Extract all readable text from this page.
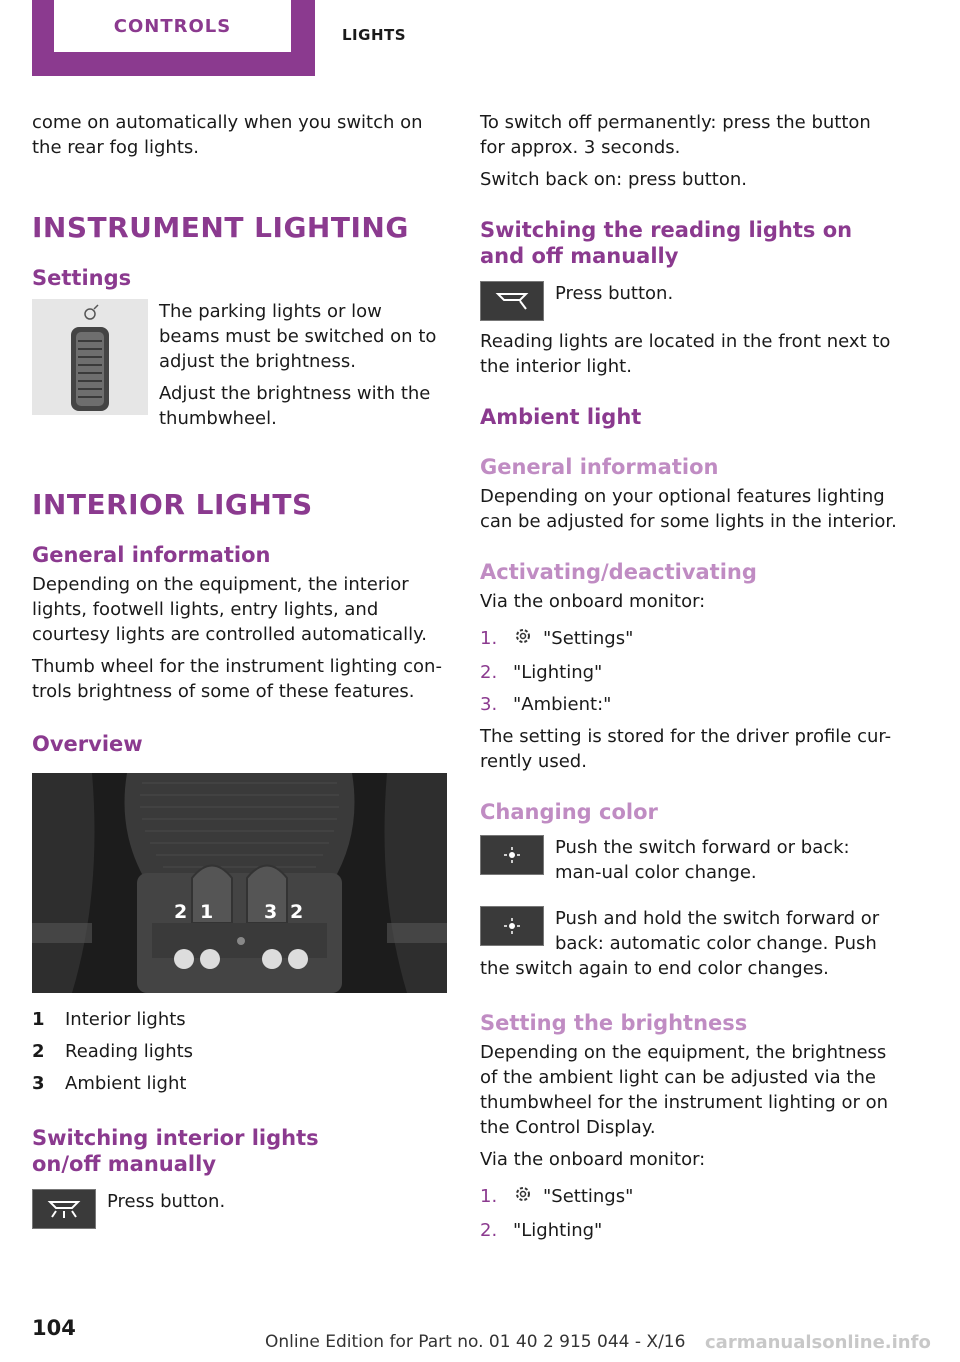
CONTROLS	LIGHTS

come on automatically when you switch on the rear fog lights.

INSTRUMENT LIGHTING
Settings

The parking lights or low beams must be switched on to adjust the brightness.

Adjust the brightness with the thumbwheel.

INTERIOR LIGHTS
General information

Depending on the equipment, the interior lights, footwell lights, entry lights, and courtesy lights are controlled automatically.

Thumb wheel for the instrument lighting con-trols brightness of some of these features.

Overview
2 1	3 2
1	Interior lights
2	Reading lights
3	Ambient light
Switching interior lights on/off manually

Press button.

To switch off permanently: press the button for approx. 3 seconds.

Switch back on: press button.

Switching the reading lights on and off manually

Press button.

Reading lights are located in the front next to the interior light.

Ambient light
General information

Depending on your optional features lighting can be adjusted for some lights in the interior.

Activating/deactivating

Via the onboard monitor:

1.	"Settings"
2. "Lighting"
3. "Ambient:"

The setting is stored for the driver profile cur-rently used.

Changing color

Push the switch forward or back: man-ual color change.

Push and hold the switch forward or back: automatic color change. Push

the switch again to end color changes.

Setting the brightness

Depending on the equipment, the brightness of the ambient light can be adjusted via the thumbwheel for the instrument lighting or on the Control Display.

Via the onboard monitor:

1.	"Settings"
2. "Lighting"
104
Online Edition for Part no. 01 40 2 915 044 - X/16 carmanualsonline.info
